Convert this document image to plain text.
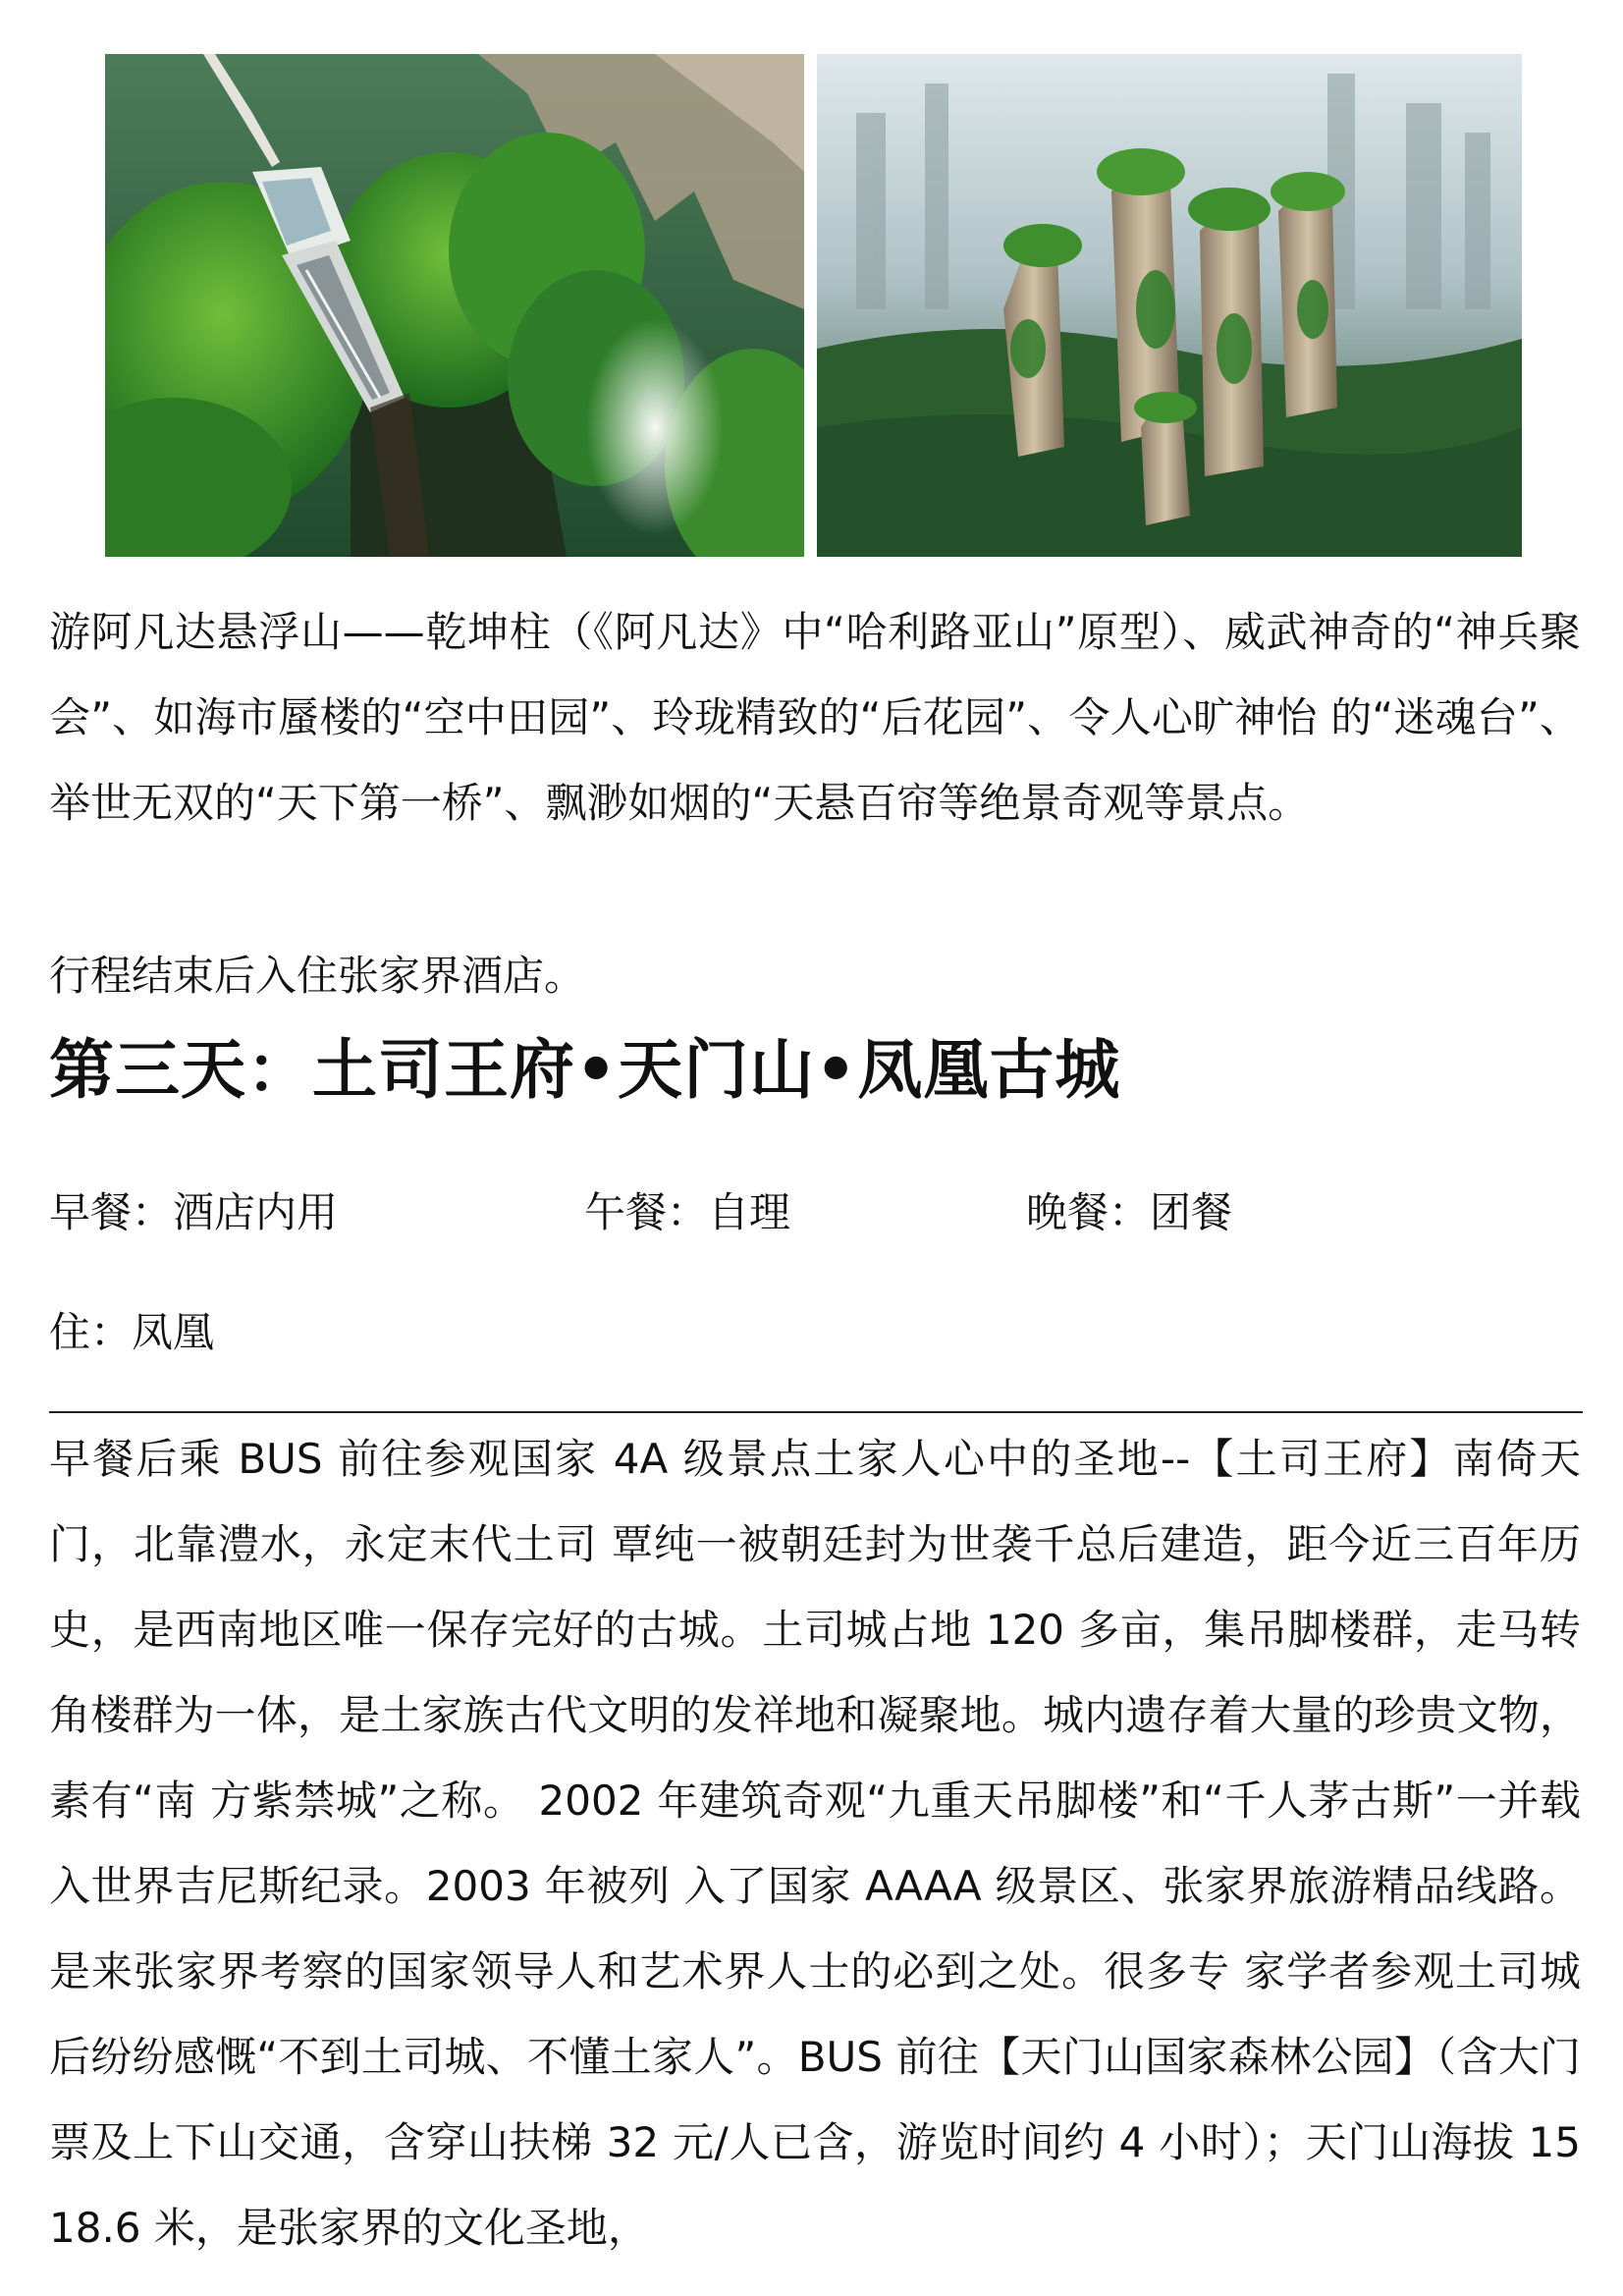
游阿凡达悬浮山——乾坤柱（《阿凡达》中“哈利路亚山”原型）、威武神奇的“神兵聚会”、如海市蜃楼的“空中田园”、玲珑精致的“后花园”、令人心旷神怡 的“迷魂台”、举世无双的“天下第一桥”、飘渺如烟的“天悬百帘等绝景奇观等景点。
行程结束后入住张家界酒店。
第三天：土司王府•天门山•凤凰古城
早餐：酒店内用	午餐：自理	晚餐：团餐
住：凤凰
早餐后乘 BUS 前往参观国家 4A 级景点土家人心中的圣地--【土司王府】南倚天门，北靠澧水，永定末代土司 覃纯一被朝廷封为世袭千总后建造，距今近三百年历史，是西南地区唯一保存完好的古城。土司城占地 120 多亩，集吊脚楼群，走马转角楼群为一体，是土家族古代文明的发祥地和凝聚地。城内遗存着大量的珍贵文物， 素有“南 方紫禁城”之称。 2002 年建筑奇观“九重天吊脚楼”和“千人茅古斯”一并载入世界吉尼斯纪录。2003 年被列 入了国家 AAAA 级景区、张家界旅游精品线路。是来张家界考察的国家领导人和艺术界人士的必到之处。很多专 家学者参观土司城后纷纷感慨“不到土司城、不懂土家人”。BUS 前往【天门山国家森林公园】（含大门票及上下山交通，含穿山扶梯 32 元/人已含，游览时间约 4 小时）；天门山海拔 1518.6 米，是张家界的文化圣地，
